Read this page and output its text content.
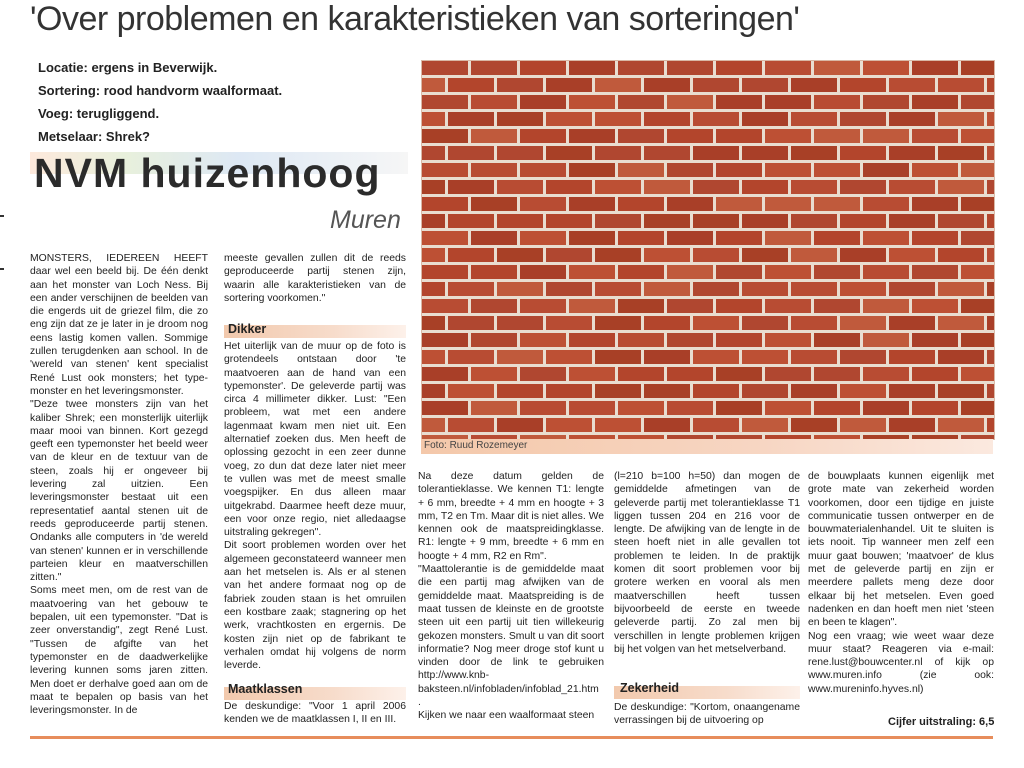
'Over problemen en karakteristieken van sorteringen'
Locatie: ergens in Beverwijk.
Sortering: rood handvorm waalformaat.
Voeg: terugliggend.
Metselaar: Shrek?
NVM huizenhoog
Muren
MONSTERS, IEDEREEN HEEFT daar wel een beeld bij. De één denkt aan het monster van Loch Ness. Bij een ander verschijnen de beelden van die engerds uit de griezel film, die zo eng zijn dat ze je later in je droom nog eens lastig komen vallen. Sommige zullen terugdenken aan school. In de 'wereld van stenen' kent specialist René Lust ook monsters; het type-monster en het leveringsmonster.
"Deze twee monsters zijn van het kaliber Shrek; een monsterlijk uiterlijk maar mooi van binnen. Kort gezegd geeft een typemonster het beeld weer van de kleur en de textuur van de steen, zoals hij er ongeveer bij levering zal uitzien. Een leveringsmonster bestaat uit een representatief aantal stenen uit de reeds geproduceerde partij stenen. Ondanks alle computers in 'de wereld van stenen' kunnen er in verschillende parteien kleur en maatverschillen zitten."
Soms meet men, om de rest van de maatvoering van het gebouw te bepalen, uit een typemonster. "Dat is zeer onverstandig", zegt René Lust. "Tussen de afgifte van het typemonster en de daadwerkelijke levering kunnen soms jaren zitten. Men doet er derhalve goed aan om de maat te bepalen op basis van het leveringsmonster. In de
meeste gevallen zullen dit de reeds geproduceerde partij stenen zijn, waarin alle karakteristieken van de sortering voorkomen."
Dikker
Het uiterlijk van de muur op de foto is grotendeels ontstaan door 'te maatvoeren aan de hand van een typemonster'. De geleverde partij was circa 4 millimeter dikker. Lust: "Een probleem, wat met een andere lagenmaat kwam men niet uit. Een alternatief zoeken dus. Men heeft de oplossing gezocht in een zeer dunne voeg, zo dun dat deze later niet meer te vullen was met de meest smalle voegspijker. En dus alleen maar uitgekrabd. Daarmee heeft deze muur, een voor onze regio, niet alledaagse uitstraling gekregen".
Dit soort problemen worden over het algemeen geconstateerd wanneer men aan het metselen is. Als er al stenen van het andere formaat nog op de fabriek zouden staan is het omruilen een kostbare zaak; stagnering op het werk, vrachtkosten en ergernis. De kosten zijn niet op de fabrikant te verhalen omdat hij volgens de norm leverde.
Maatklassen
De deskundige: "Voor 1 april 2006 kenden we de maatklassen I, II en III.
Foto: Ruud Rozemeyer
Na deze datum gelden de tolerantieklasse. We kennen T1: lengte + 6 mm, breedte + 4 mm en hoogte + 3 mm, T2 en Tm. Maar dit is niet alles. We kennen ook de maatspreidingklasse. R1: lengte + 9 mm, breedte + 6 mm en hoogte + 4 mm, R2 en Rm".
"Maattolerantie is de gemiddelde maat die een partij mag afwijken van de gemiddelde maat. Maatspreiding is de maat tussen de kleinste en de grootste steen uit een partij uit tien willekeurig gekozen monsters. Smult u van dit soort informatie? Nog meer droge stof kunt u vinden door de link te gebruiken http://www.knb-baksteen.nl/infobladen/infoblad_21.htm .
Kijken we naar een waalformaat steen
(l=210 b=100 h=50) dan mogen de gemiddelde afmetingen van de geleverde partij met tolerantieklasse T1 liggen tussen 204 en 216 voor de lengte. De afwijking van de lengte in de steen hoeft niet in alle gevallen tot problemen te leiden. In de praktijk komen dit soort problemen voor bij grotere werken en vooral als men maatverschillen heeft tussen bijvoorbeeld de eerste en tweede geleverde partij. Zo zal men bij verschillen in lengte problemen krijgen bij het volgen van het metselverband.
Zekerheid
De deskundige: "Kortom, onaangename verrassingen bij de uitvoering op
de bouwplaats kunnen eigenlijk met grote mate van zekerheid worden voorkomen, door een tijdige en juiste communicatie tussen ontwerper en de bouwmaterialenhandel. Uit te sluiten is iets nooit. Tip wanneer men zelf een muur gaat bouwen; 'maatvoer' de klus met de geleverde partij en zijn er meerdere pallets meng deze door elkaar bij het metselen. Even goed nadenken en dan hoeft men niet 'steen en been te klagen".
Nog een vraag; wie weet waar deze muur staat? Reageren via e-mail: rene.lust@bouwcenter.nl of kijk op www.muren.info (zie ook: www.mureninfo.hyves.nl)
Cijfer uitstraling: 6,5
